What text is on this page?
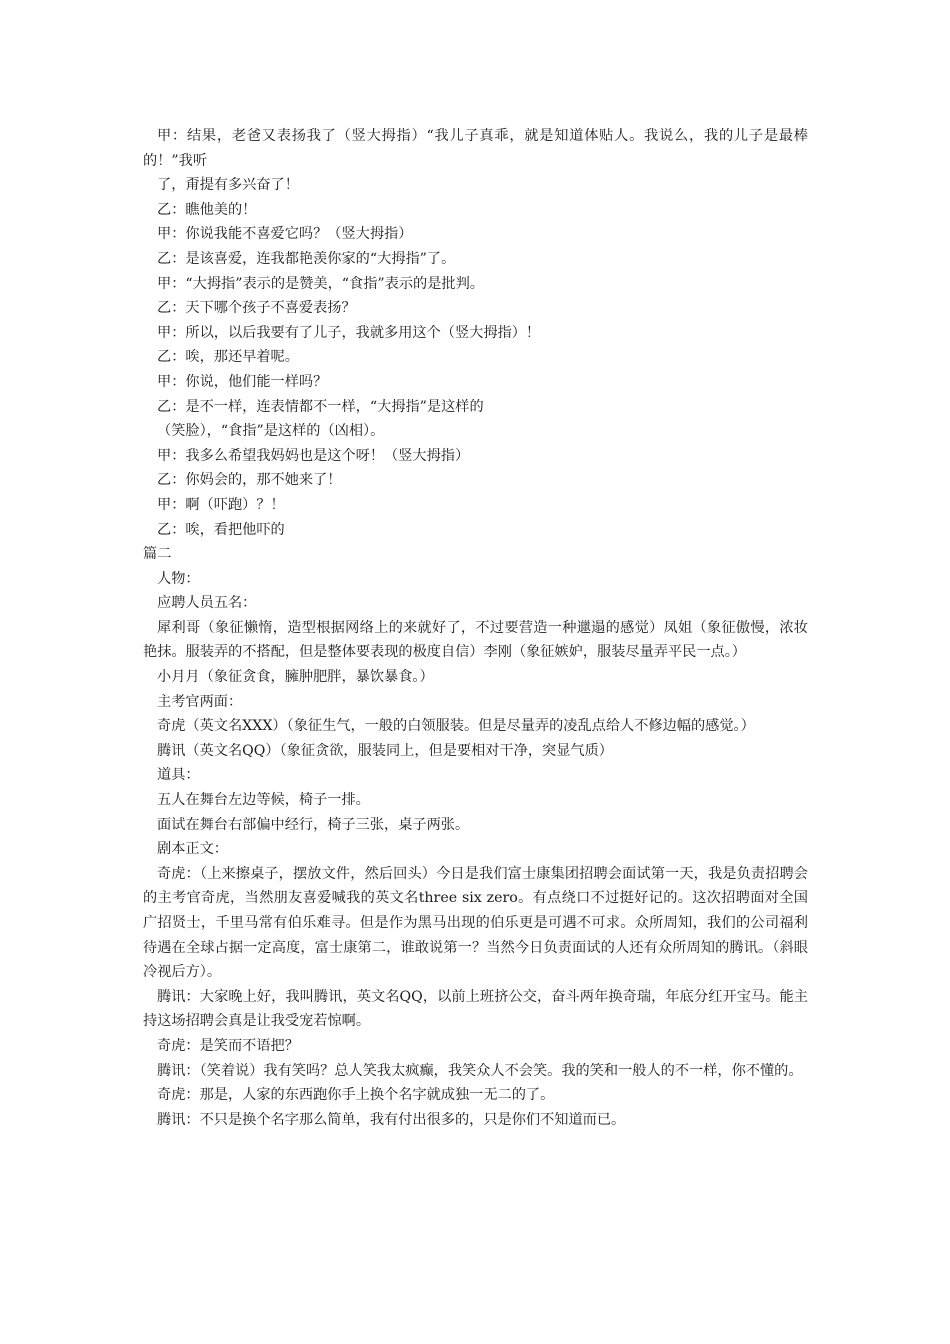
甲：结果，老爸又表扬我了（竖大拇指）“我儿子真乖，就是知道体贴人。我说么，我的儿子是最棒的！”我听

了，甭提有多兴奋了！

乙：瞧他美的！

甲：你说我能不喜爱它吗？（竖大拇指）

乙：是该喜爱，连我都艳羡你家的“大拇指”了。

甲：“大拇指”表示的是赞美，“食指”表示的是批判。

乙：天下哪个孩子不喜爱表扬？

甲：所以，以后我要有了儿子，我就多用这个（竖大拇指）！

乙：唉，那还早着呢。

甲：你说，他们能一样吗？

乙：是不一样，连表情都不一样，“大拇指”是这样的

（笑脸），“食指”是这样的（凶相）。

甲：我多么希望我妈妈也是这个呀！（竖大拇指）

乙：你妈会的，那不她来了！

甲：啊（吓跑）？！

乙：唉，看把他吓的

篇二

人物：

应聘人员五名：

犀利哥（象征懒惰，造型根据网络上的来就好了，不过要营造一种邋遢的感觉）凤姐（象征傲慢，浓妆艳抹。服装弄的不搭配，但是整体要表现的极度自信）李刚（象征嫉妒，服装尽量弄平民一点。）

小月月（象征贪食，臃肿肥胖，暴饮暴食。）

主考官两面：

奇虎（英文名XXX）（象征生气，一般的白领服装。但是尽量弄的凌乱点给人不修边幅的感觉。）

腾讯（英文名QQ）（象征贪欲，服装同上，但是要相对干净，突显气质）

道具：

五人在舞台左边等候，椅子一排。

面试在舞台右部偏中经行，椅子三张，桌子两张。

剧本正文：

奇虎：（上来擦桌子，摆放文件，然后回头）今日是我们富士康集团招聘会面试第一天，我是负责招聘会的主考官奇虎，当然朋友喜爱喊我的英文名three six zero。有点绕口不过挺好记的。这次招聘面对全国广招贤士，千里马常有伯乐难寻。但是作为黑马出现的伯乐更是可遇不可求。众所周知，我们的公司福利待遇在全球占据一定高度，富士康第二，谁敢说第一？当然今日负责面试的人还有众所周知的腾讯。（斜眼冷视后方）。

腾讯：大家晚上好，我叫腾讯，英文名QQ，以前上班挤公交，奋斗两年换奇瑞，年底分红开宝马。能主持这场招聘会真是让我受宠若惊啊。

奇虎：是笑而不语把？

腾讯：（笑着说）我有笑吗？总人笑我太疯癫，我笑众人不会笑。我的笑和一般人的不一样，你不懂的。

奇虎：那是，人家的东西跑你手上换个名字就成独一无二的了。

腾讯：不只是换个名字那么简单，我有付出很多的，只是你们不知道而已。
